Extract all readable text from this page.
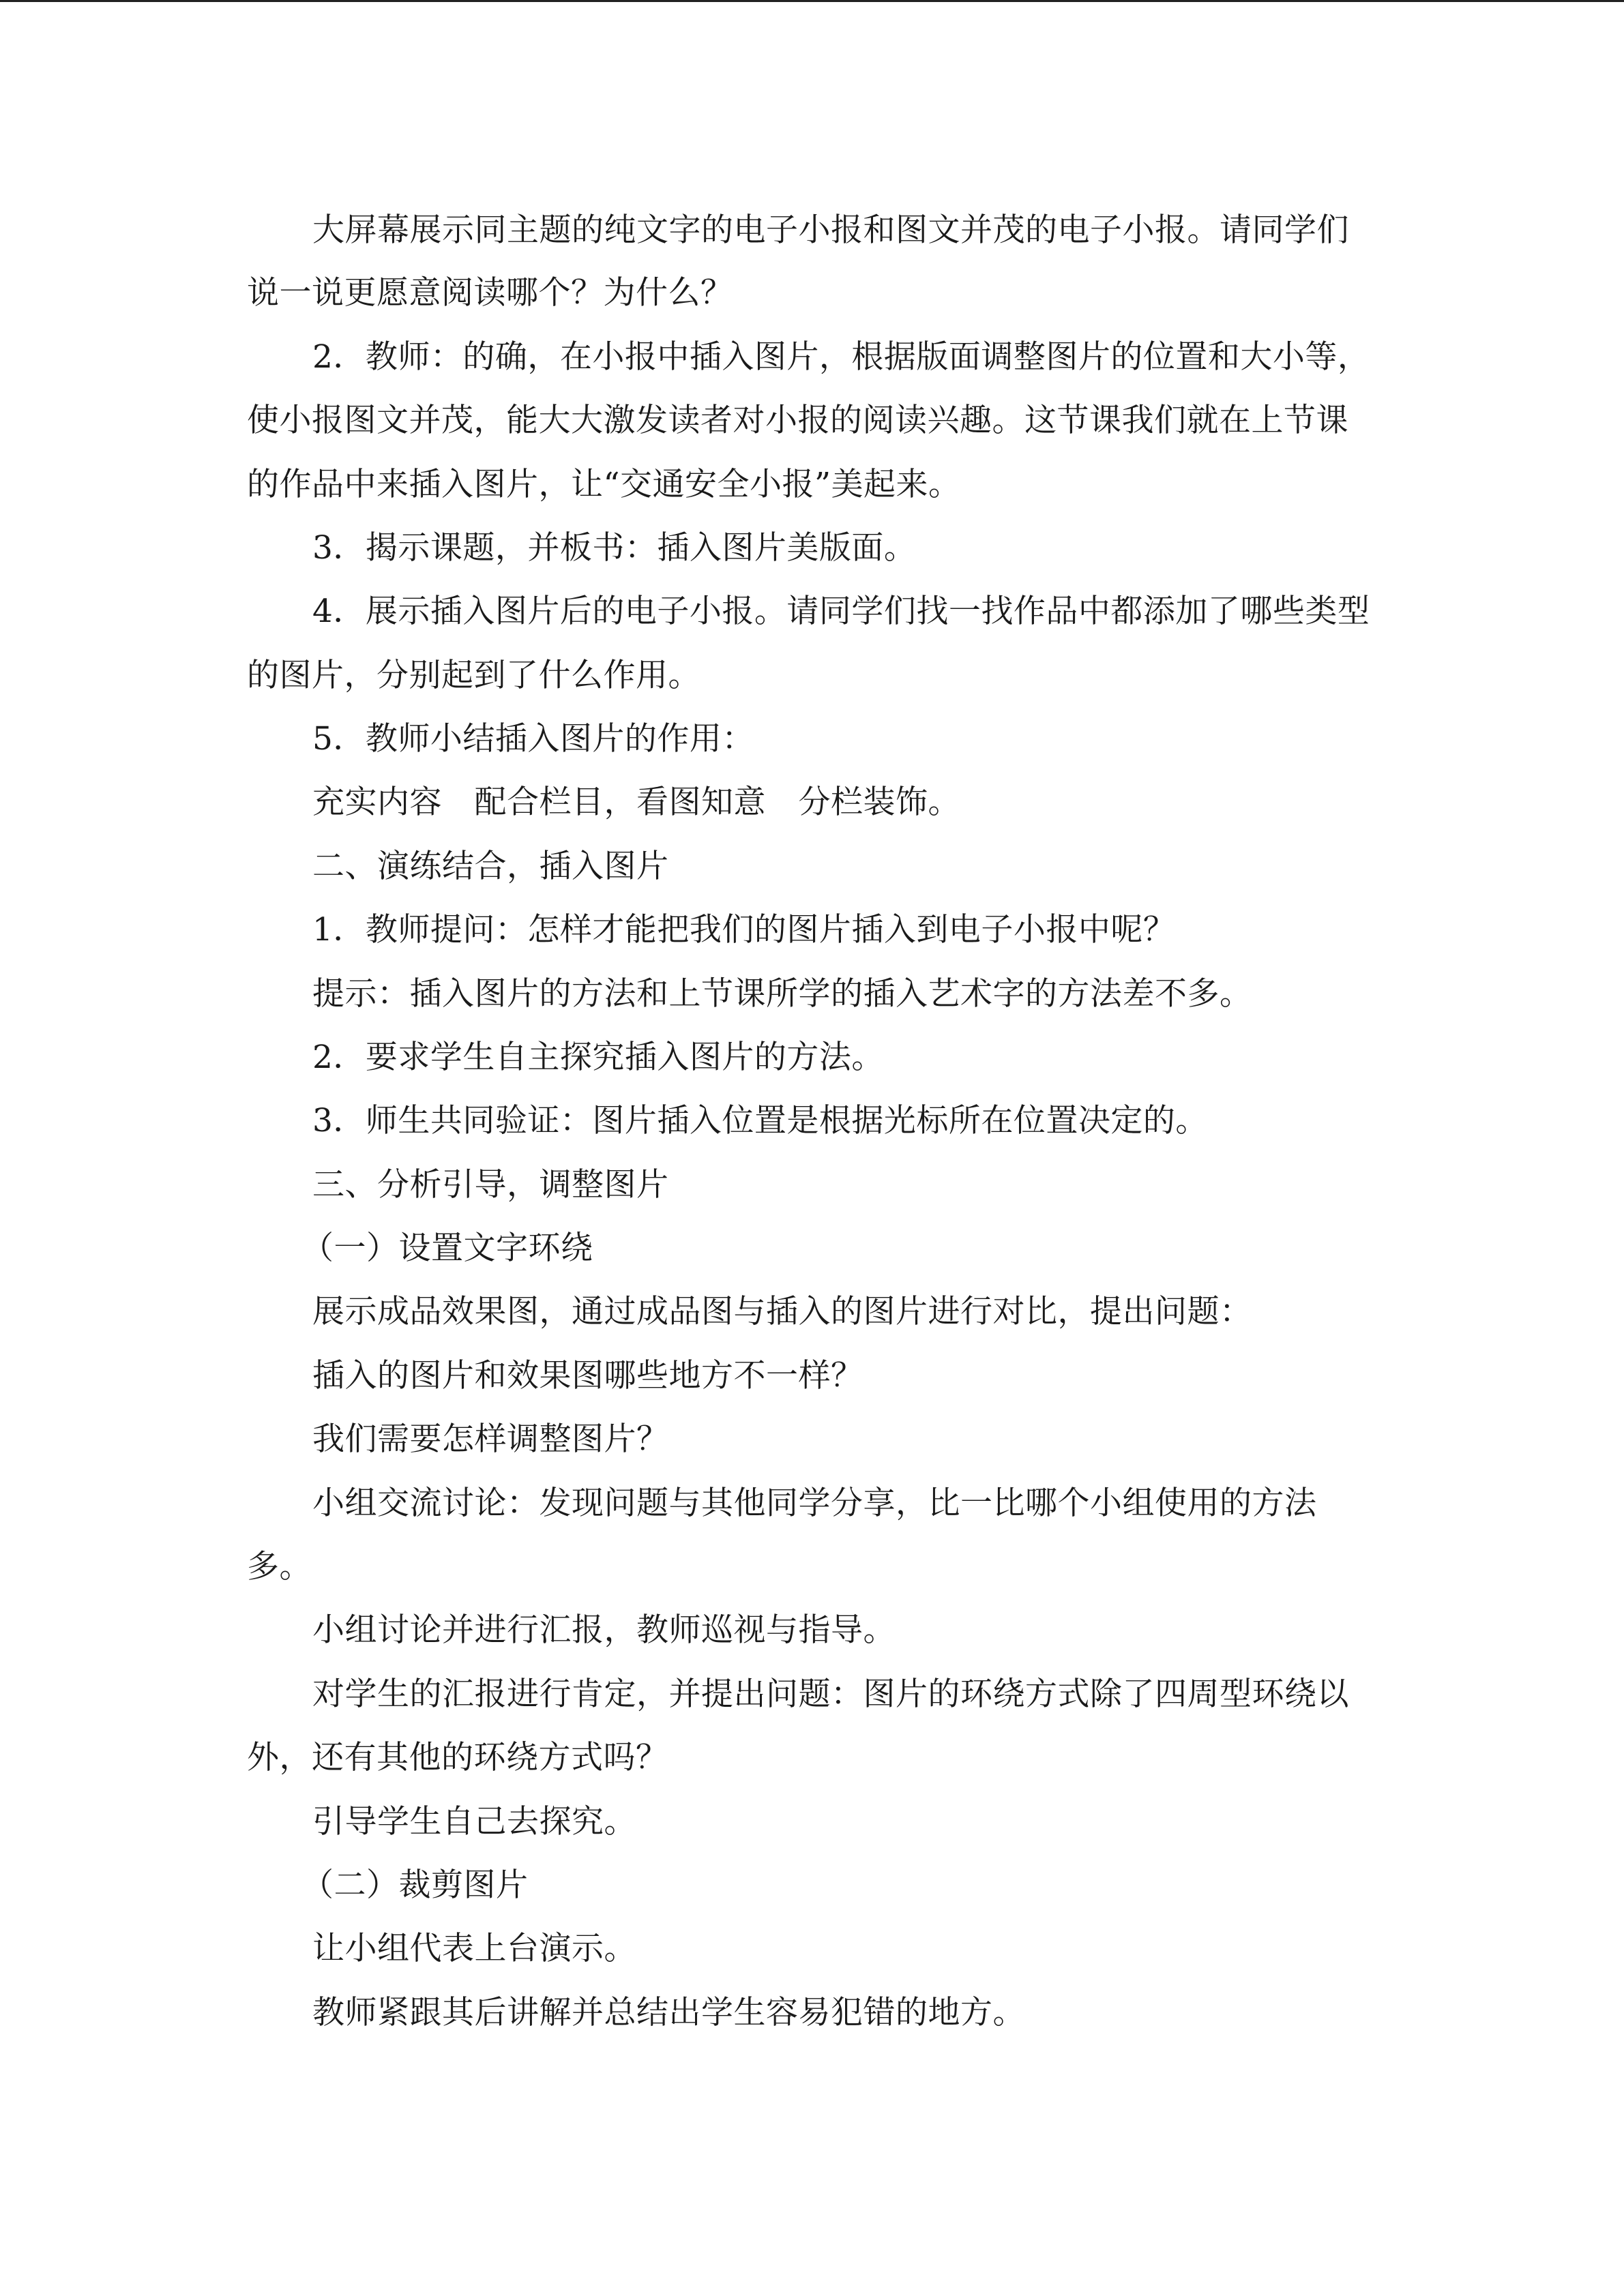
大屏幕展示同主题的纯文字的电子小报和图文并茂的电子小报。请同学们
说一说更愿意阅读哪个？为什么？
2．教师：的确，在小报中插入图片，根据版面调整图片的位置和大小等，
使小报图文并茂，能大大激发读者对小报的阅读兴趣。这节课我们就在上节课
的作品中来插入图片，让“交通安全小报”美起来。
3．揭示课题，并板书：插入图片美版面。
4．展示插入图片后的电子小报。请同学们找一找作品中都添加了哪些类型
的图片，分别起到了什么作用。
5．教师小结插入图片的作用：
充实内容　配合栏目，看图知意　分栏装饰。
二、演练结合，插入图片
1．教师提问：怎样才能把我们的图片插入到电子小报中呢？
提示：插入图片的方法和上节课所学的插入艺术字的方法差不多。
2．要求学生自主探究插入图片的方法。
3．师生共同验证：图片插入位置是根据光标所在位置决定的。
三、分析引导，调整图片
（一）设置文字环绕
展示成品效果图，通过成品图与插入的图片进行对比，提出问题：
插入的图片和效果图哪些地方不一样？
我们需要怎样调整图片？
小组交流讨论：发现问题与其他同学分享，比一比哪个小组使用的方法
多。
小组讨论并进行汇报，教师巡视与指导。
对学生的汇报进行肯定，并提出问题：图片的环绕方式除了四周型环绕以
外，还有其他的环绕方式吗？
引导学生自己去探究。
（二）裁剪图片
让小组代表上台演示。
教师紧跟其后讲解并总结出学生容易犯错的地方。
